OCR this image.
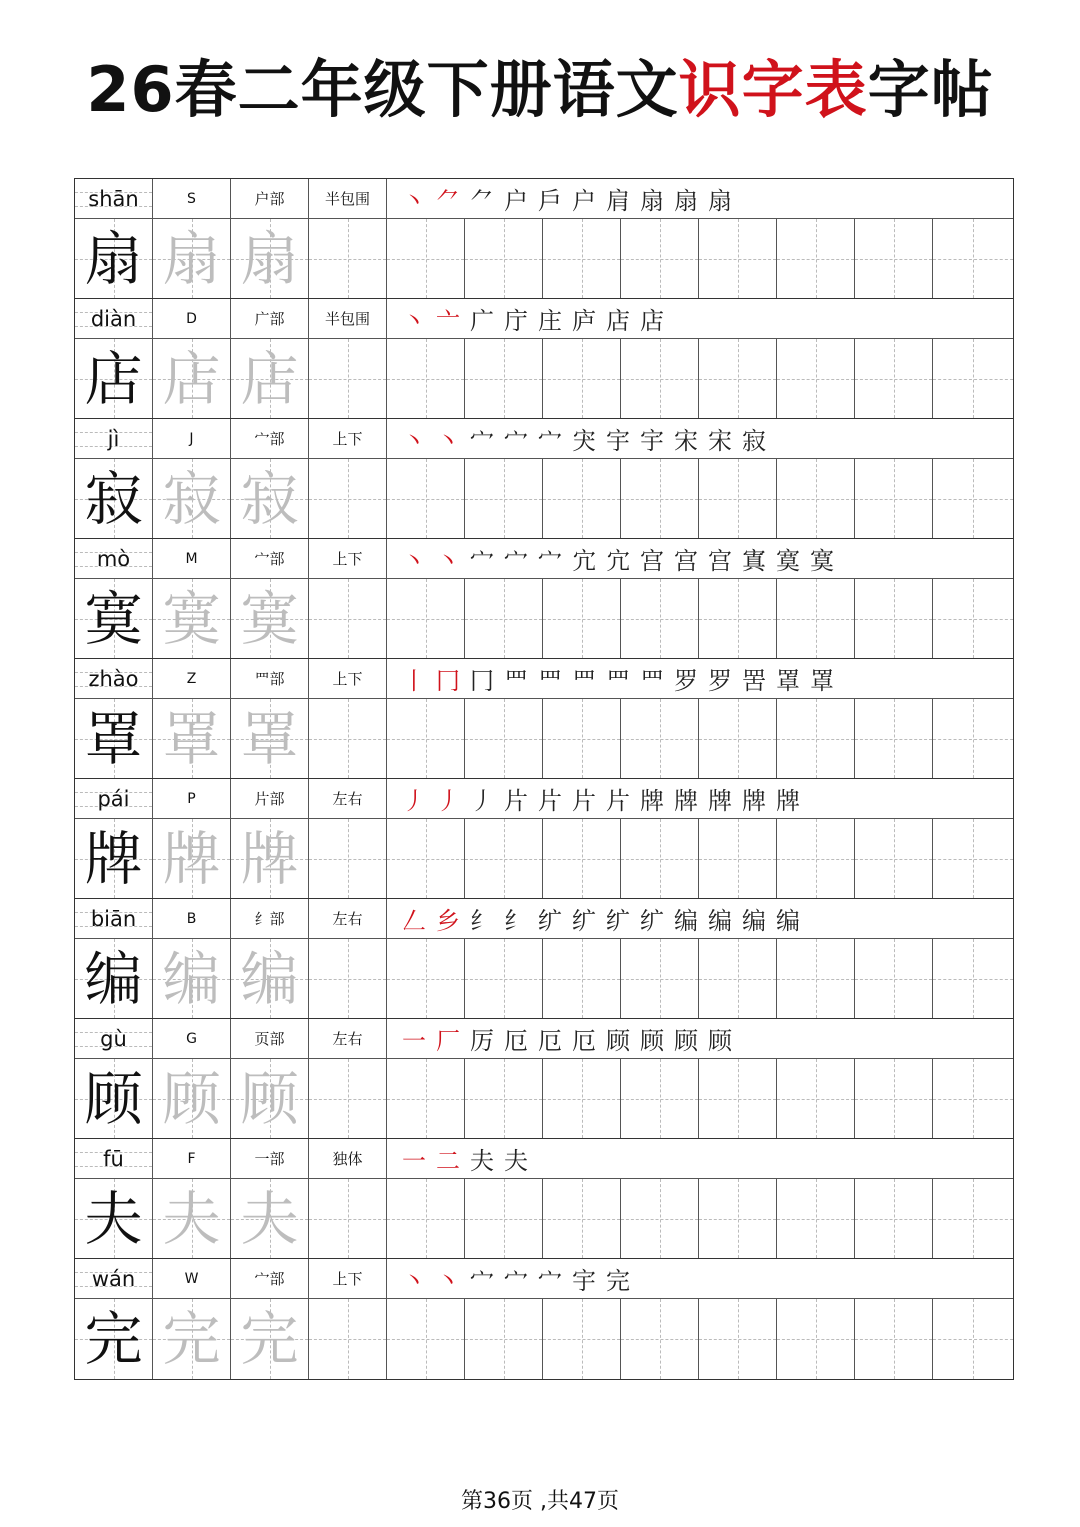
26春二年级下册语文识字表字帖
shān	S	户部	半包围	丶 ⺈ ⺈ 户 戶 户 肩 扇 扇 扇
扇 扇 扇
diàn	D	广部	半包围	丶 亠 广 庁 庄 庐 店 店
店 店 店
jì	J	宀部	上下	丶 丶 宀 宀 宀 宊 宇 宇 宋 宋 寂
寂 寂 寂
mò	M	宀部	上下	丶 丶 宀 宀 宀 宂 宂 宫 宫 宫 寘 寞 寞
寞 寞 寞
zhào	Z	罒部	上下	丨 冂 冂 罒 罒 罒 罒 罒 罗 罗 罟 罩 罩
罩 罩 罩
pái	P	片部	左右	丿 丿 丿 片 片 片 片 牌 牌 牌 牌 牌
牌 牌 牌
biān	B	纟部	左右	𠃋 乡 纟 纟 纩 纩 纩 纩 编 编 编 编
编 编 编
gù	G	页部	左右	一 厂 厉 厄 厄 厄 顾 顾 顾 顾
顾 顾 顾
fū	F	一部	独体	一 二 夫 夫
夫 夫 夫
wán	W	宀部	上下	丶 丶 宀 宀 宀 宇 完
完 完 完
第36页 ,共47页
